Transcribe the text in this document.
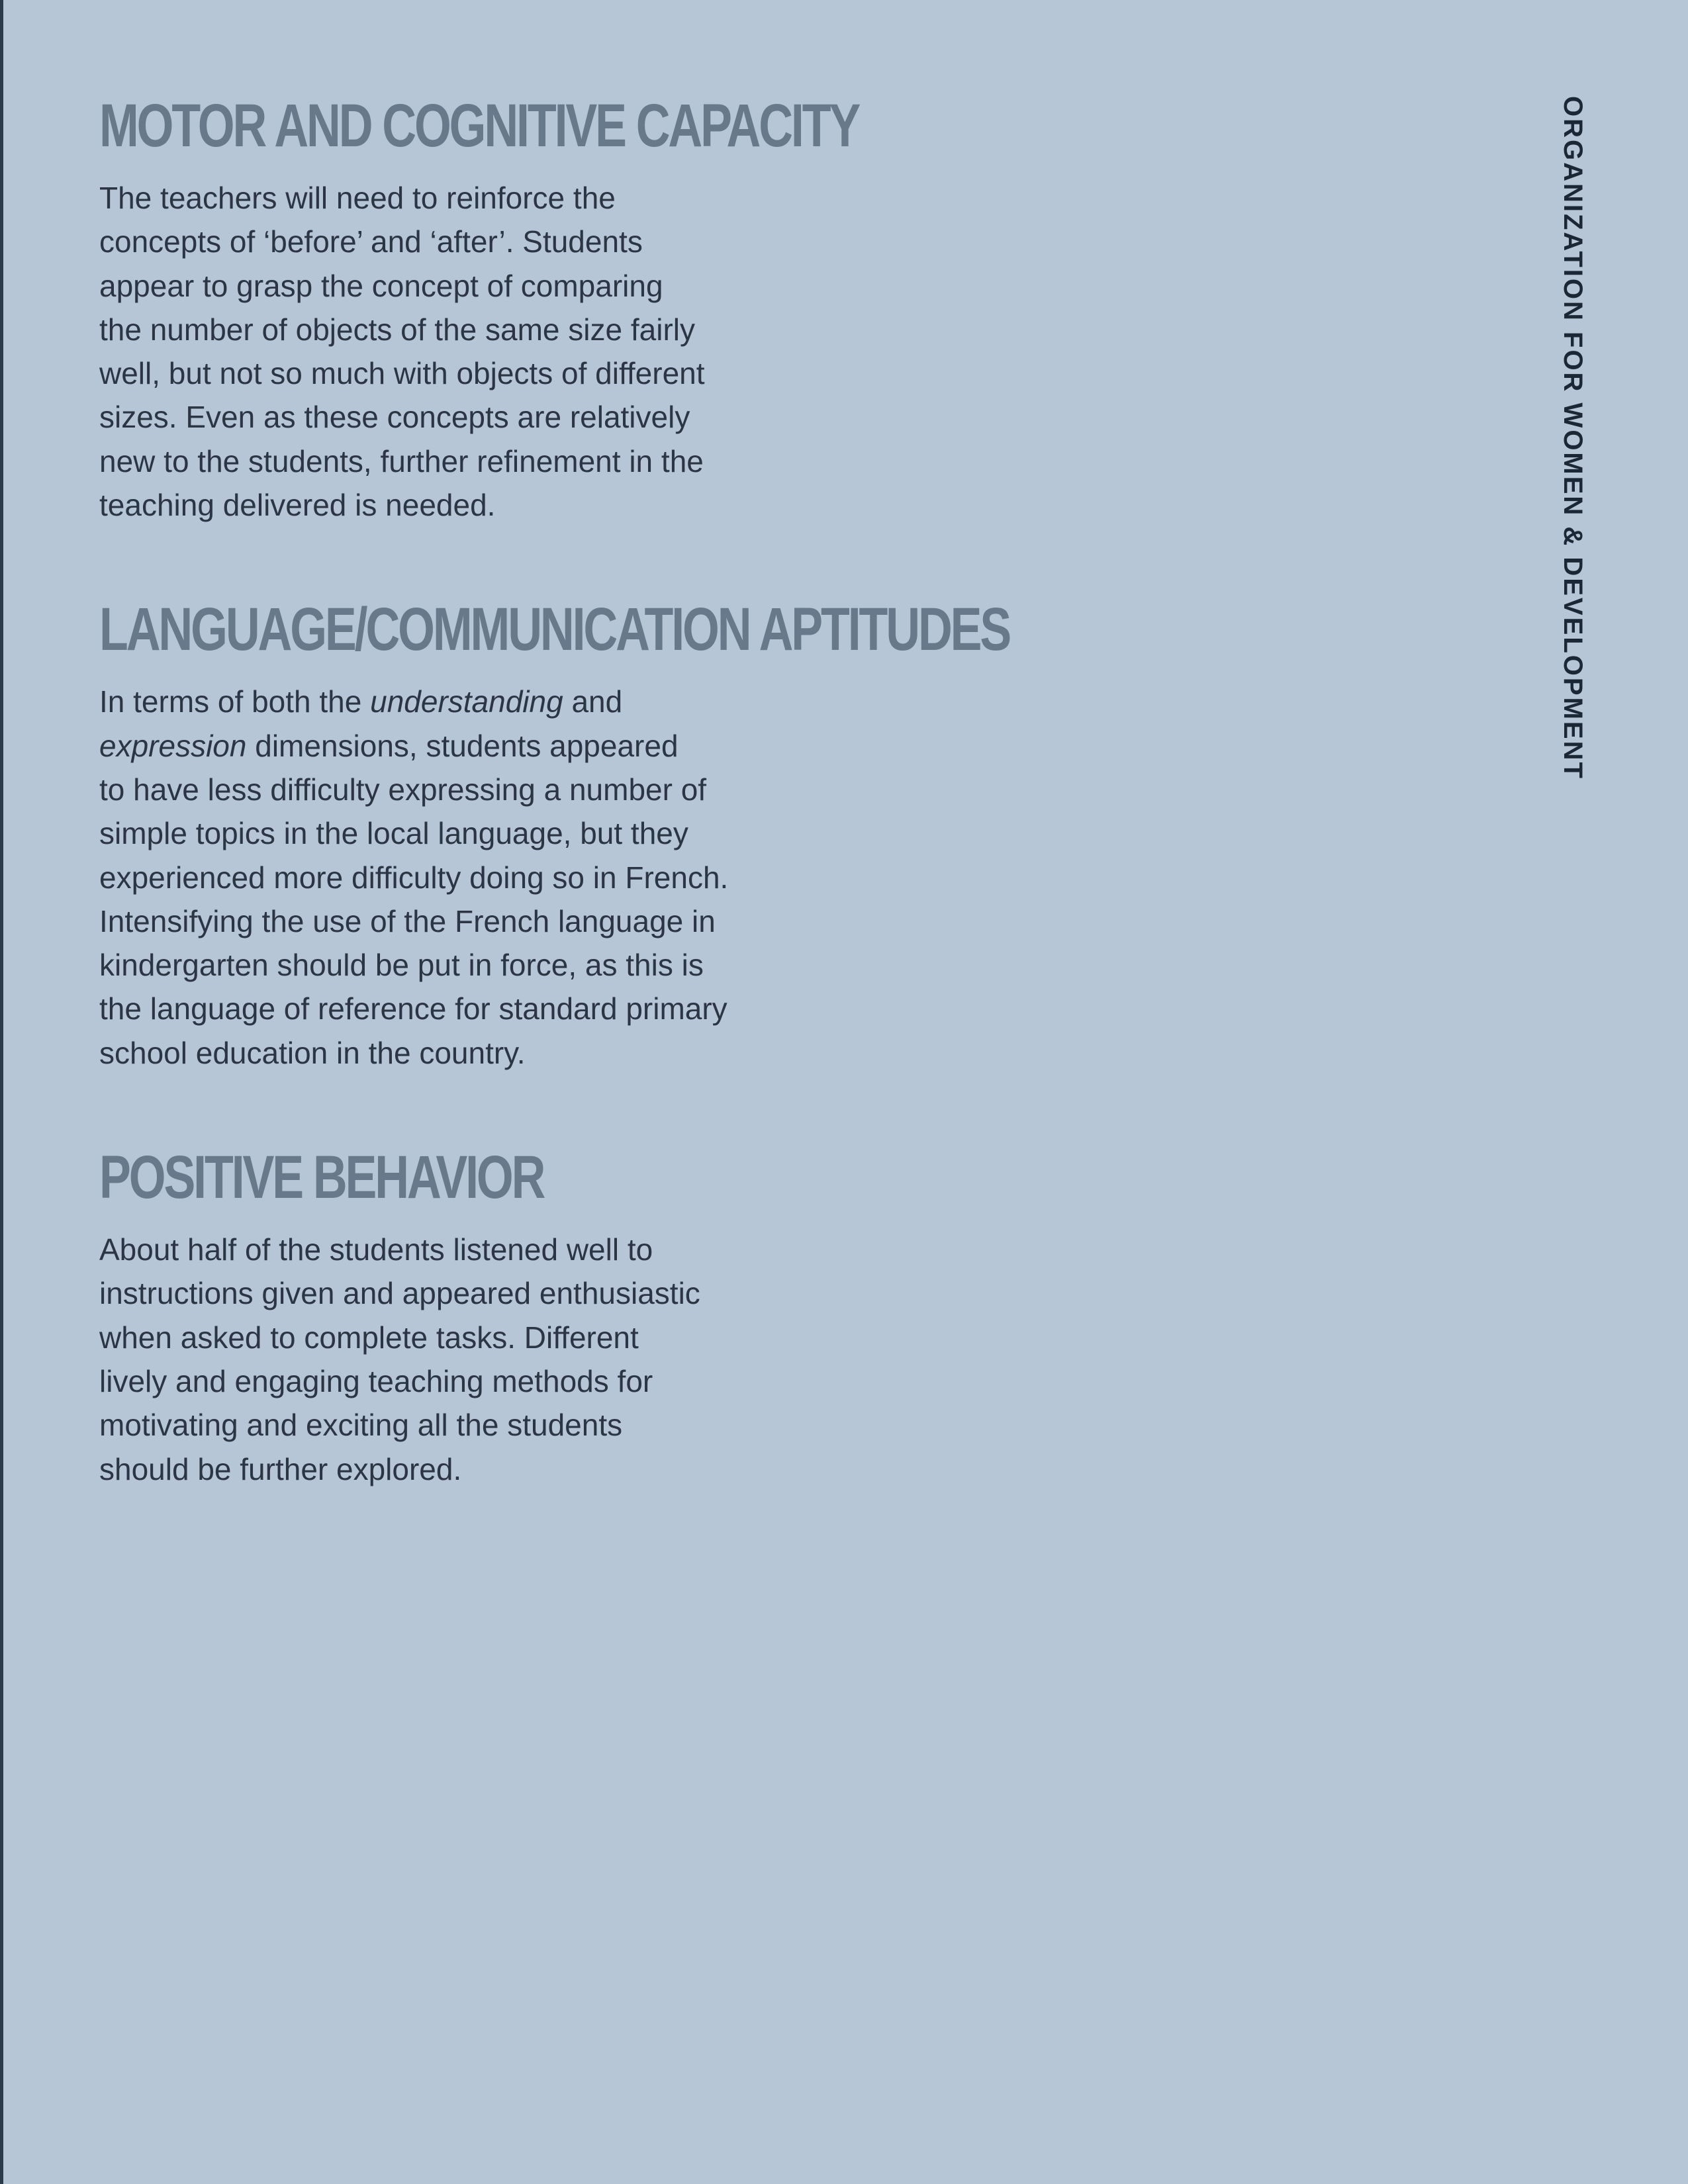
MOTOR AND COGNITIVE CAPACITY

The teachers will need to reinforce the
concepts of ‘before’ and ‘after’. Students
appear to grasp the concept of comparing
the number of objects of the same size fairly
well, but not so much with objects of different
sizes. Even as these concepts are relatively
new to the students, further refinement in the
teaching delivered is needed.

LANGUAGE/COMMUNICATION APTITUDES

In terms of both the understanding and
expression dimensions, students appeared
to have less difficulty expressing a number of
simple topics in the local language, but they
experienced more difficulty doing so in French.
Intensifying the use of the French language in
kindergarten should be put in force, as this is
the language of reference for standard primary
school education in the country.

POSITIVE BEHAVIOR

About half of the students listened well to
instructions given and appeared enthusiastic
when asked to complete tasks. Different
lively and engaging teaching methods for
motivating and exciting all the students
should be further explored.

ORGANIZATION FOR WOMEN & DEVELOPMENT
